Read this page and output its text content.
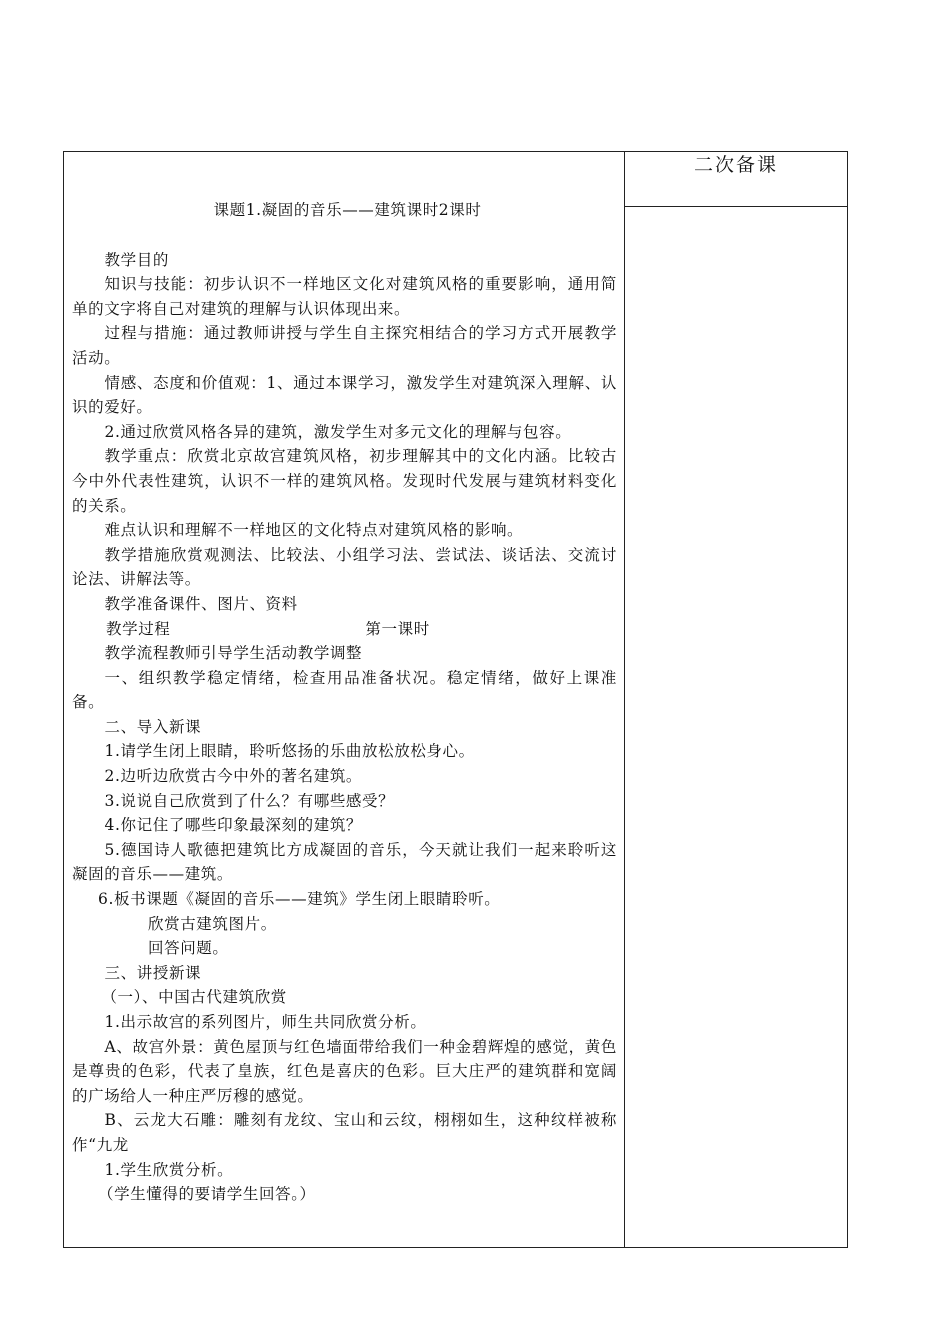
二次备课
课题1.凝固的音乐——建筑课时2课时

教学目的

知识与技能：初步认识不一样地区文化对建筑风格的重要影响，通用简单的文字将自己对建筑的理解与认识体现出来。

过程与措施：通过教师讲授与学生自主探究相结合的学习方式开展教学活动。

情感、态度和价值观：1、通过本课学习，激发学生对建筑深入理解、认识的爱好。

2.通过欣赏风格各异的建筑，激发学生对多元文化的理解与包容。

教学重点：欣赏北京故宫建筑风格，初步理解其中的文化内涵。比较古今中外代表性建筑，认识不一样的建筑风格。发现时代发展与建筑材料变化的关系。

难点认识和理解不一样地区的文化特点对建筑风格的影响。

教学措施欣赏观测法、比较法、小组学习法、尝试法、谈话法、交流讨论法、讲解法等。

教学准备课件、图片、资料

教学过程	第一课时

教学流程教师引导学生活动教学调整

一、组织教学稳定情绪，检查用品准备状况。稳定情绪，做好上课准备。

二、导入新课

1.请学生闭上眼睛，聆听悠扬的乐曲放松放松身心。

2.边听边欣赏古今中外的著名建筑。

3.说说自己欣赏到了什么？有哪些感受？

4.你记住了哪些印象最深刻的建筑？

5.德国诗人歌德把建筑比方成凝固的音乐，今天就让我们一起来聆听这凝固的音乐——建筑。

6.板书课题《凝固的音乐——建筑》学生闭上眼睛聆听。
欣赏古建筑图片。
回答问题。

三、讲授新课

（一）、中国古代建筑欣赏

1.出示故宫的系列图片，师生共同欣赏分析。

A、故宫外景：黄色屋顶与红色墙面带给我们一种金碧辉煌的感觉，黄色是尊贵的色彩，代表了皇族，红色是喜庆的色彩。巨大庄严的建筑群和宽阔的广场给人一种庄严厉穆的感觉。

B、云龙大石雕：雕刻有龙纹、宝山和云纹，栩栩如生，这种纹样被称作“九龙

1.学生欣赏分析。

（学生懂得的要请学生回答。）
